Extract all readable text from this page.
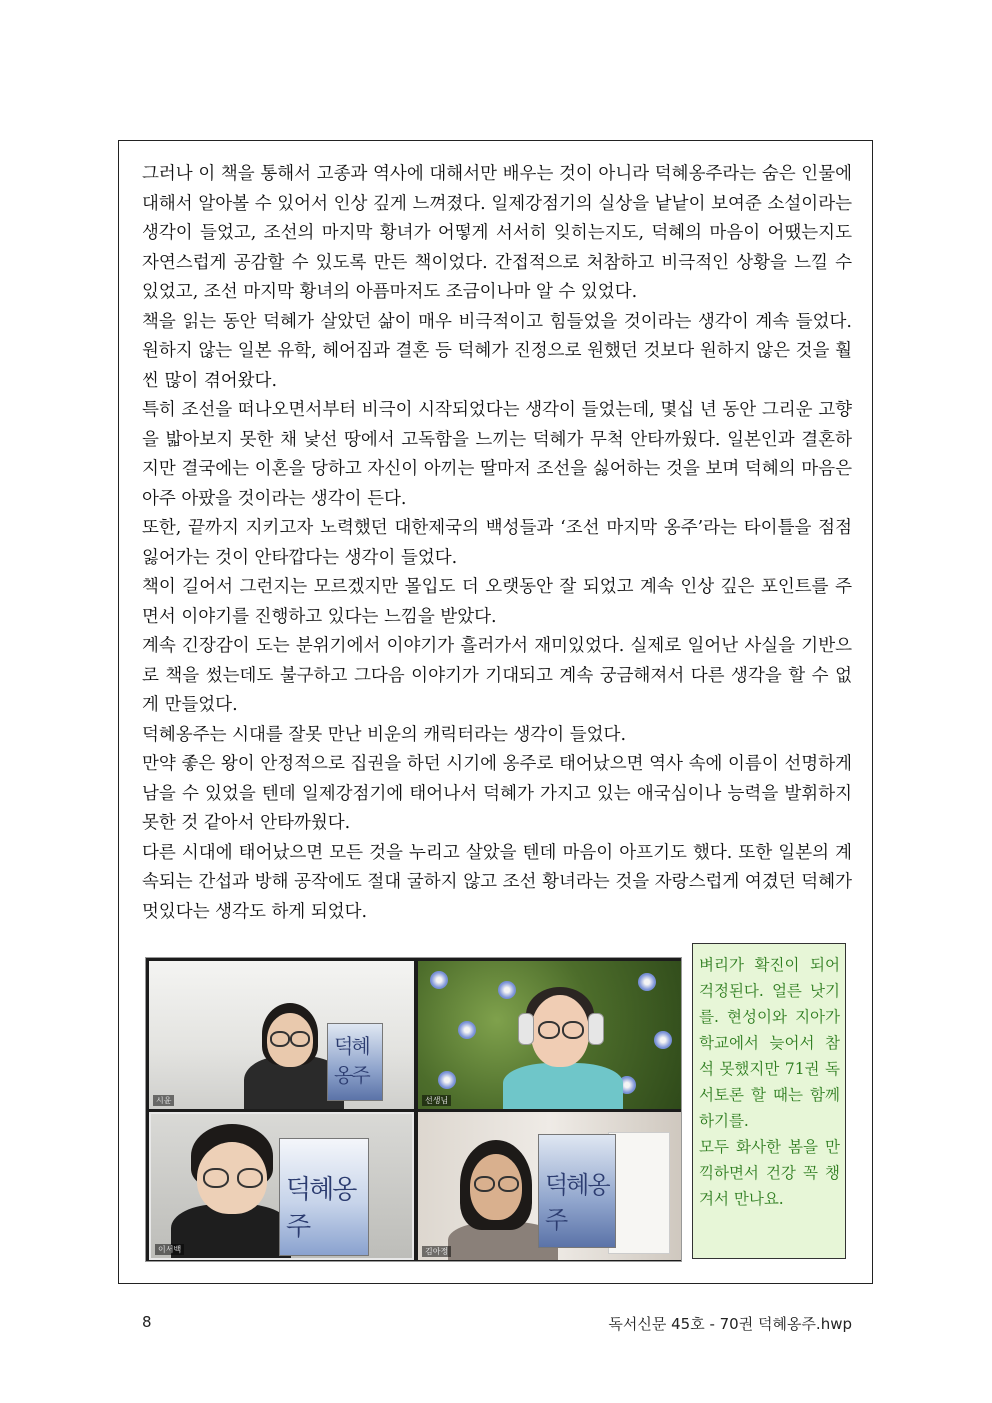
그러나 이 책을 통해서 고종과 역사에 대해서만 배우는 것이 아니라 덕혜옹주라는 숨은 인물에 대해서 알아볼 수 있어서 인상 깊게 느껴졌다. 일제강점기의 실상을 낱낱이 보여준 소설이라는 생각이 들었고, 조선의 마지막 황녀가 어떻게 서서히 잊히는지도, 덕혜의 마음이 어땠는지도 자연스럽게 공감할 수 있도록 만든 책이었다. 간접적으로 처참하고 비극적인 상황을 느낄 수 있었고, 조선 마지막 황녀의 아픔마저도 조금이나마 알 수 있었다.

책을 읽는 동안 덕혜가 살았던 삶이 매우 비극적이고 힘들었을 것이라는 생각이 계속 들었다. 원하지 않는 일본 유학, 헤어짐과 결혼 등 덕혜가 진정으로 원했던 것보다 원하지 않은 것을 훨씬 많이 겪어왔다.

특히 조선을 떠나오면서부터 비극이 시작되었다는 생각이 들었는데, 몇십 년 동안 그리운 고향을 밟아보지 못한 채 낯선 땅에서 고독함을 느끼는 덕혜가 무척 안타까웠다. 일본인과 결혼하지만 결국에는 이혼을 당하고 자신이 아끼는 딸마저 조선을 싫어하는 것을 보며 덕혜의 마음은 아주 아팠을 것이라는 생각이 든다.

또한, 끝까지 지키고자 노력했던 대한제국의 백성들과 ‘조선 마지막 옹주’라는 타이틀을 점점 잃어가는 것이 안타깝다는 생각이 들었다.

책이 길어서 그런지는 모르겠지만 몰입도 더 오랫동안 잘 되었고 계속 인상 깊은 포인트를 주면서 이야기를 진행하고 있다는 느낌을 받았다.

계속 긴장감이 도는 분위기에서 이야기가 흘러가서 재미있었다. 실제로 일어난 사실을 기반으로 책을 썼는데도 불구하고 그다음 이야기가 기대되고 계속 궁금해져서 다른 생각을 할 수 없게 만들었다.

덕혜옹주는 시대를 잘못 만난 비운의 캐릭터라는 생각이 들었다.

만약 좋은 왕이 안정적으로 집권을 하던 시기에 옹주로 태어났으면 역사 속에 이름이 선명하게 남을 수 있었을 텐데 일제강점기에 태어나서 덕혜가 가지고 있는 애국심이나 능력을 발휘하지 못한 것 같아서 안타까웠다.

다른 시대에 태어났으면 모든 것을 누리고 살았을 텐데 마음이 아프기도 했다. 또한 일본의 계속되는 간섭과 방해 공작에도 절대 굴하지 않고 조선 황녀라는 것을 자랑스럽게 여겼던 덕혜가 멋있다는 생각도 하게 되었다.

덕혜옹주
시윤	선생님
덕혜옹주
이서백
덕혜옹주
김아정

벼리가 확진이 되어 걱정된다. 얼른 낫기를. 현성이와 지아가 학교에서 늦어서 참석 못했지만 71권 독서토론 할 때는 함께 하기를.

모두 화사한 봄을 만끽하면서 건강 꼭 챙겨서 만나요.

8	독서신문 45호 - 70권 덕혜옹주.hwp
